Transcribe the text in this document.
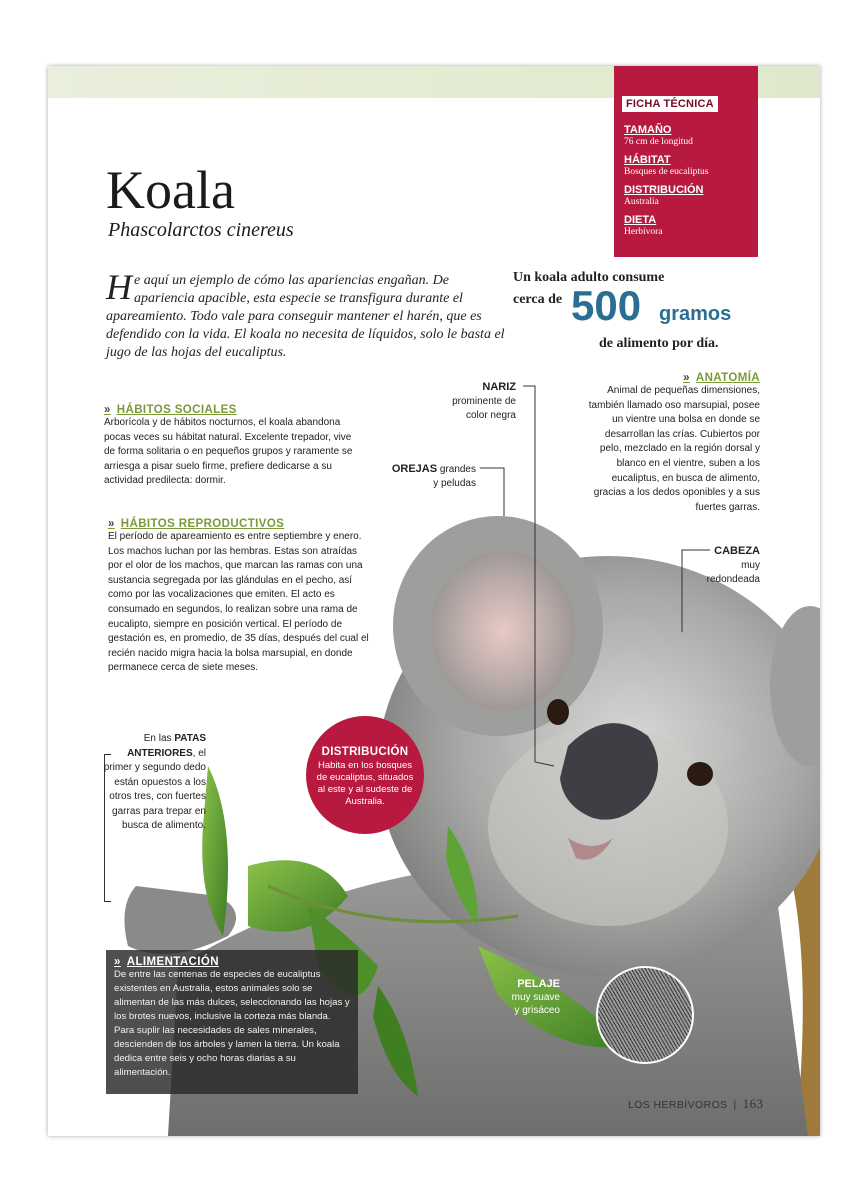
FICHA TÉCNICA
TAMAÑO
76 cm de longitud
HÁBITAT
Bosques de eucaliptus
DISTRIBUCIÓN
Australia
DIETA
Herbívora
Koala
Phascolarctos cinereus
He aquí un ejemplo de cómo las apariencias engañan. De apariencia apacible, esta especie se transfigura durante el apareamiento. Todo vale para conseguir mantener el harén, que es defendido con la vida. El koala no necesita de líquidos, solo le basta el jugo de las hojas del eucaliptus.
Un koala adulto consume
cerca de 500 gramos
de alimento por día.
» HÁBITOS SOCIALES
Arborícola y de hábitos nocturnos, el koala abandona pocas veces su hábitat natural. Excelente trepador, vive de forma solitaria o en pequeños grupos y raramente se arriesga a pisar suelo firme, prefiere dedicarse a su actividad predilecta: dormir.
» HÁBITOS REPRODUCTIVOS
El período de apareamiento es entre septiembre y enero. Los machos luchan por las hembras. Estas son atraídas por el olor de los machos, que marcan las ramas con una sustancia segregada por las glándulas en el pecho, así como por las vocalizaciones que emiten. El acto es consumado en segundos, lo realizan sobre una rama de eucalipto, siempre en posición vertical. El período de gestación es, en promedio, de 35 días, después del cual el recién nacido migra hacia la bolsa marsupial, en donde permanece cerca de siete meses.
» ANATOMÍA
Animal de pequeñas dimensiones, también llamado oso marsupial, posee un vientre una bolsa en donde se desarrollan las crías. Cubiertos por pelo, mezclado en la región dorsal y blanco en el vientre, suben a los eucaliptus, en busca de alimento, gracias a los dedos oponibles y a sus fuertes garras.
NARIZ
prominente de
color negra
OREJAS grandes
y peludas
CABEZA
muy
redondeada
En las PATAS
ANTERIORES, el primer y segundo dedo están opuestos a los otros tres, con fuertes garras para trepar en busca de alimento.
DISTRIBUCIÓN
Habita en los bosques de eucaliptus, situados al este y al sudeste de Australia.
» ALIMENTACIÓN
De entre las centenas de especies de eucaliptus existentes en Australia, estos animales solo se alimentan de las más dulces, seleccionando las hojas y los brotes nuevos, inclusive la corteza más blanda. Para suplir las necesidades de sales minerales, descienden de los árboles y lamen la tierra. Un koala dedica entre seis y ocho horas diarias a su alimentación.
PELAJE
muy suave
y grisáceo
LOS HERBÍVOROS | 163
